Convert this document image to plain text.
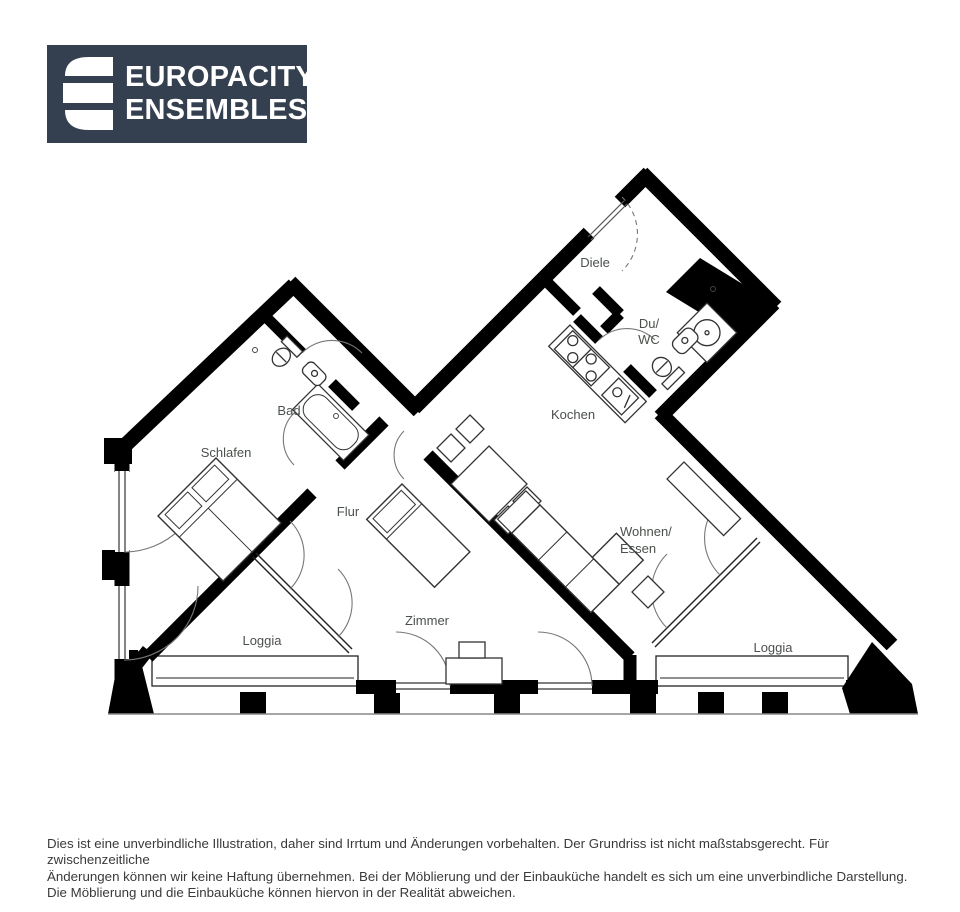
EUROPACITY
ENSEMBLES
Diele
Du/
WC
Kochen
Bad
Schlafen
Flur
Zimmer
Wohnen/
Essen
Loggia	Loggia

Dies ist eine unverbindliche Illustration, daher sind Irrtum und Änderungen vorbehalten. Der Grundriss ist nicht maßstabsgerecht. Für zwischenzeitliche

Änderungen können wir keine Haftung übernehmen. Bei der Möblierung und der Einbauküche handelt es sich um eine unverbindliche Darstellung.

Die Möblierung und die Einbauküche können hiervon in der Realität abweichen.
